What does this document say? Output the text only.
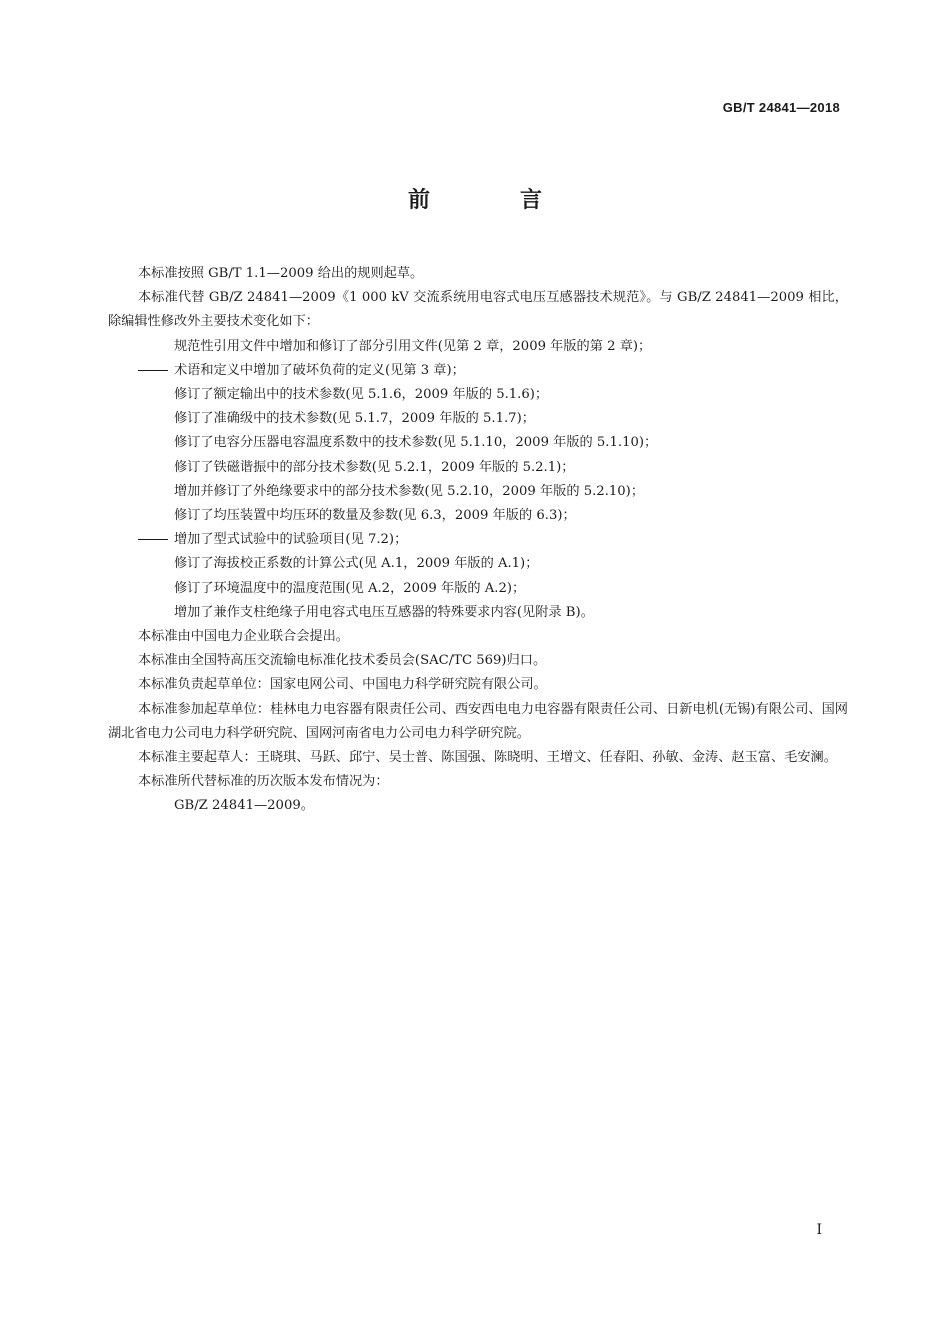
GB/T 24841—2018
前　言

本标准按照 GB/T 1.1—2009 给出的规则起草。

本标准代替 GB/Z 24841—2009《1 000 kV 交流系统用电容式电压互感器技术规范》。与 GB/Z 24841—2009 相比，除编辑性修改外主要技术变化如下：

规范性引用文件中增加和修订了部分引用文件(见第 2 章，2009 年版的第 2 章)；

术语和定义中增加了破坏负荷的定义(见第 3 章)；

修订了额定输出中的技术参数(见 5.1.6，2009 年版的 5.1.6)；

修订了准确级中的技术参数(见 5.1.7，2009 年版的 5.1.7)；

修订了电容分压器电容温度系数中的技术参数(见 5.1.10，2009 年版的 5.1.10)；

修订了铁磁谐振中的部分技术参数(见 5.2.1，2009 年版的 5.2.1)；

增加并修订了外绝缘要求中的部分技术参数(见 5.2.10，2009 年版的 5.2.10)；

修订了均压装置中均压环的数量及参数(见 6.3，2009 年版的 6.3)；

增加了型式试验中的试验项目(见 7.2)；

修订了海拔校正系数的计算公式(见 A.1，2009 年版的 A.1)；

修订了环境温度中的温度范围(见 A.2，2009 年版的 A.2)；

增加了兼作支柱绝缘子用电容式电压互感器的特殊要求内容(见附录 B)。

本标准由中国电力企业联合会提出。

本标准由全国特高压交流输电标准化技术委员会(SAC/TC 569)归口。

本标准负责起草单位：国家电网公司、中国电力科学研究院有限公司。

本标准参加起草单位：桂林电力电容器有限责任公司、西安西电电力电容器有限责任公司、日新电机(无锡)有限公司、国网湖北省电力公司电力科学研究院、国网河南省电力公司电力科学研究院。

本标准主要起草人：王晓琪、马跃、邱宁、吴士普、陈国强、陈晓明、王增文、任春阳、孙敏、金涛、赵玉富、毛安澜。

本标准所代替标准的历次版本发布情况为：

GB/Z 24841—2009。

I
